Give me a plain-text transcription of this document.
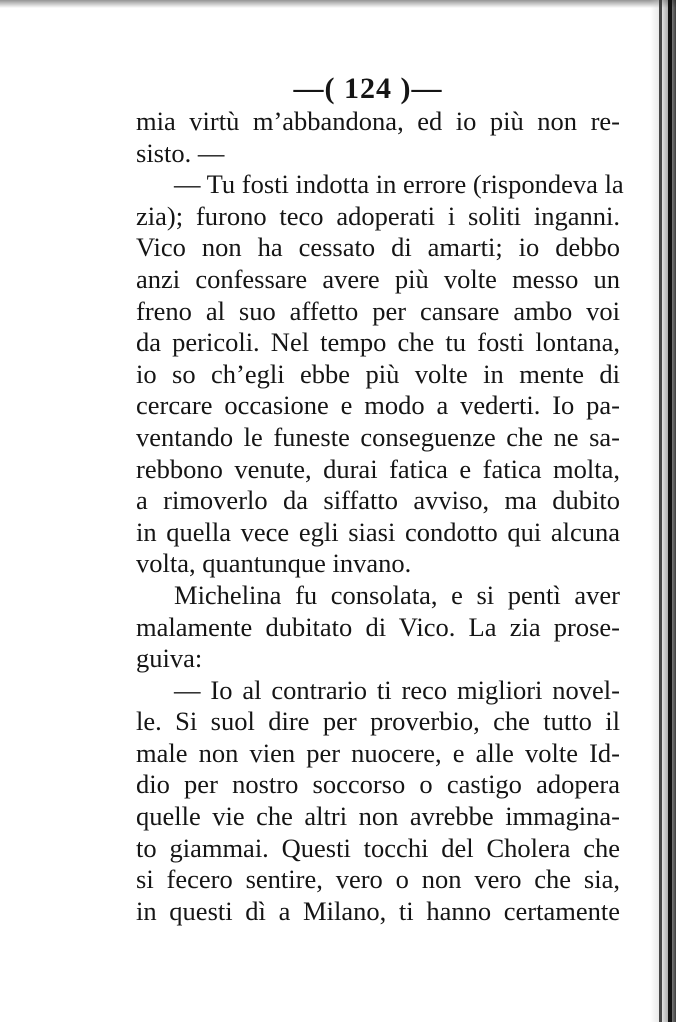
—( 124 )—
mia virtù m’abbandona, ed io più non re-
sisto. —
— Tu fosti indotta in errore (rispondeva la
zia); furono teco adoperati i soliti inganni.
Vico non ha cessato di amarti; io debbo
anzi confessare avere più volte messo un
freno al suo affetto per cansare ambo voi
da pericoli. Nel tempo che tu fosti lontana,
io so ch’egli ebbe più volte in mente di
cercare occasione e modo a vederti. Io pa-
ventando le funeste conseguenze che ne sa-
rebbono venute, durai fatica e fatica molta,
a rimoverlo da siffatto avviso, ma dubito
in quella vece egli siasi condotto qui alcuna
volta, quantunque invano.
Michelina fu consolata, e si pentì aver
malamente dubitato di Vico. La zia prose-
guiva:
— Io al contrario ti reco migliori novel-
le. Si suol dire per proverbio, che tutto il
male non vien per nuocere, e alle volte Id-
dio per nostro soccorso o castigo adopera
quelle vie che altri non avrebbe immagina-
to giammai. Questi tocchi del Cholera che
si fecero sentire, vero o non vero che sia,
in questi dì a Milano, ti hanno certamente
